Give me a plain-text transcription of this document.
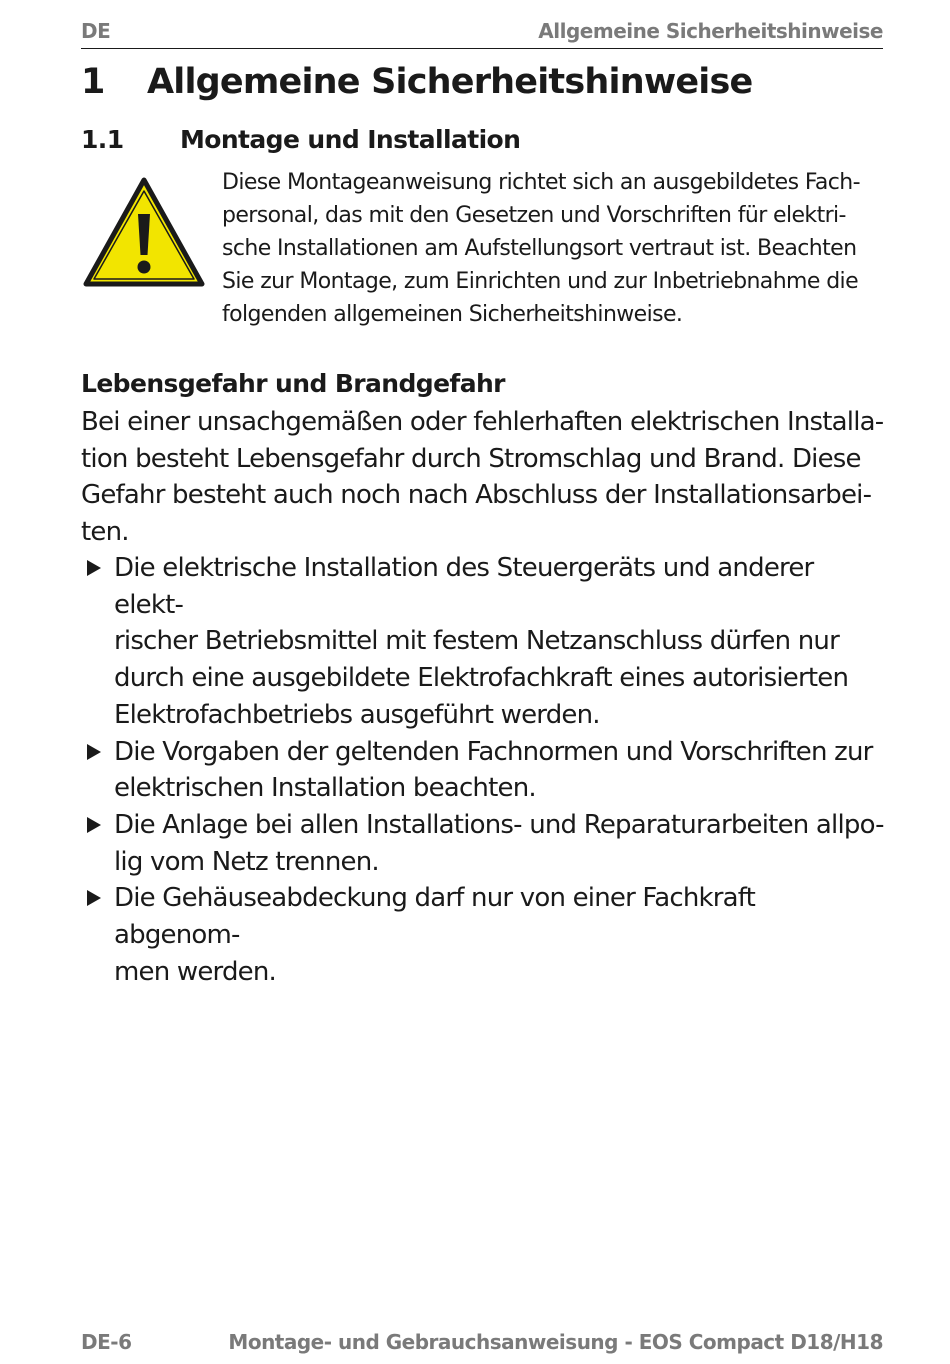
DE	Allgemeine Sicherheitshinweise
1 Allgemeine Sicherheitshinweise
1.1 Montage und Installation

Diese Montageanweisung richtet sich an ausgebildetes Fach-
personal, das mit den Gesetzen und Vorschriften für elektri-
sche Installationen am Aufstellungsort vertraut ist. Beachten
Sie zur Montage, zum Einrichten und zur Inbetriebnahme die
folgenden allgemeinen Sicherheitshinweise.

Lebensgefahr und Brandgefahr

Bei einer unsachgemäßen oder fehlerhaften elektrischen Installa-
tion besteht Lebensgefahr durch Stromschlag und Brand. Diese
Gefahr besteht auch noch nach Abschluss der Installationsarbei-
ten.

Die elektrische Installation des Steuergeräts und anderer elekt-
rischer Betriebsmittel mit festem Netzanschluss dürfen nur
durch eine ausgebildete Elektrofachkraft eines autorisierten
Elektrofachbetriebs ausgeführt werden.
Die Vorgaben der geltenden Fachnormen und Vorschriften zur
elektrischen Installation beachten.
Die Anlage bei allen Installations- und Reparaturarbeiten allpo-
lig vom Netz trennen.
Die Gehäuseabdeckung darf nur von einer Fachkraft abgenom-
men werden.
DE-6	Montage- und Gebrauchsanweisung - EOS Compact D18/H18
